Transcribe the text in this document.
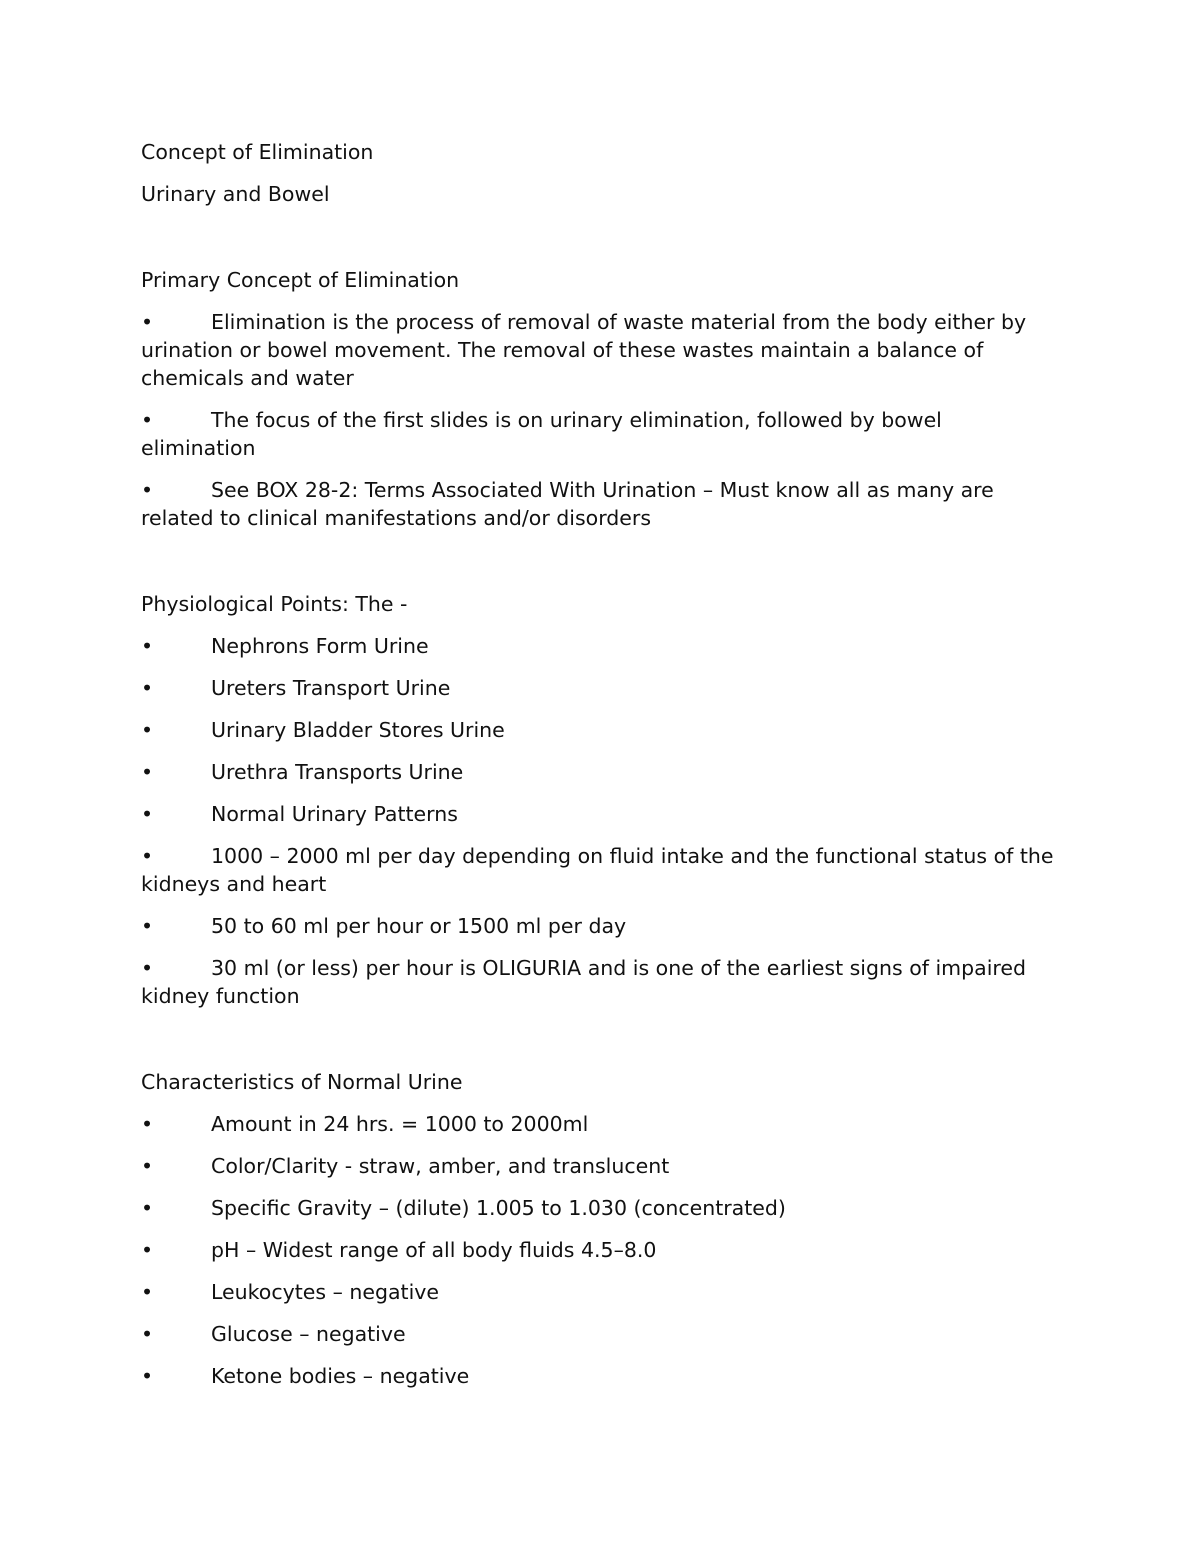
Concept of Elimination

Urinary and Bowel

Primary Concept of Elimination

•	Elimination is the process of removal of waste material from the body either by urination or bowel movement. The removal of these wastes maintain a balance of chemicals and water

•	The focus of the first slides is on urinary elimination, followed by bowel elimination

•	See BOX 28-2: Terms Associated With Urination – Must know all as many are related to clinical manifestations and/or disorders

Physiological Points: The -

•	Nephrons Form Urine

•	Ureters Transport Urine

•	Urinary Bladder Stores Urine

•	Urethra Transports Urine

•	Normal Urinary Patterns

•	1000 – 2000 ml per day depending on fluid intake and the functional status of the kidneys and heart

•	50 to 60 ml per hour or 1500 ml per day

•	30 ml (or less) per hour is OLIGURIA and is one of the earliest signs of impaired kidney function

Characteristics of Normal Urine

•	Amount in 24 hrs. = 1000 to 2000ml

•	Color/Clarity - straw, amber, and translucent

•	Specific Gravity – (dilute) 1.005 to 1.030 (concentrated)

•	pH – Widest range of all body fluids 4.5–8.0

•	Leukocytes – negative

•	Glucose – negative

•	Ketone bodies – negative
